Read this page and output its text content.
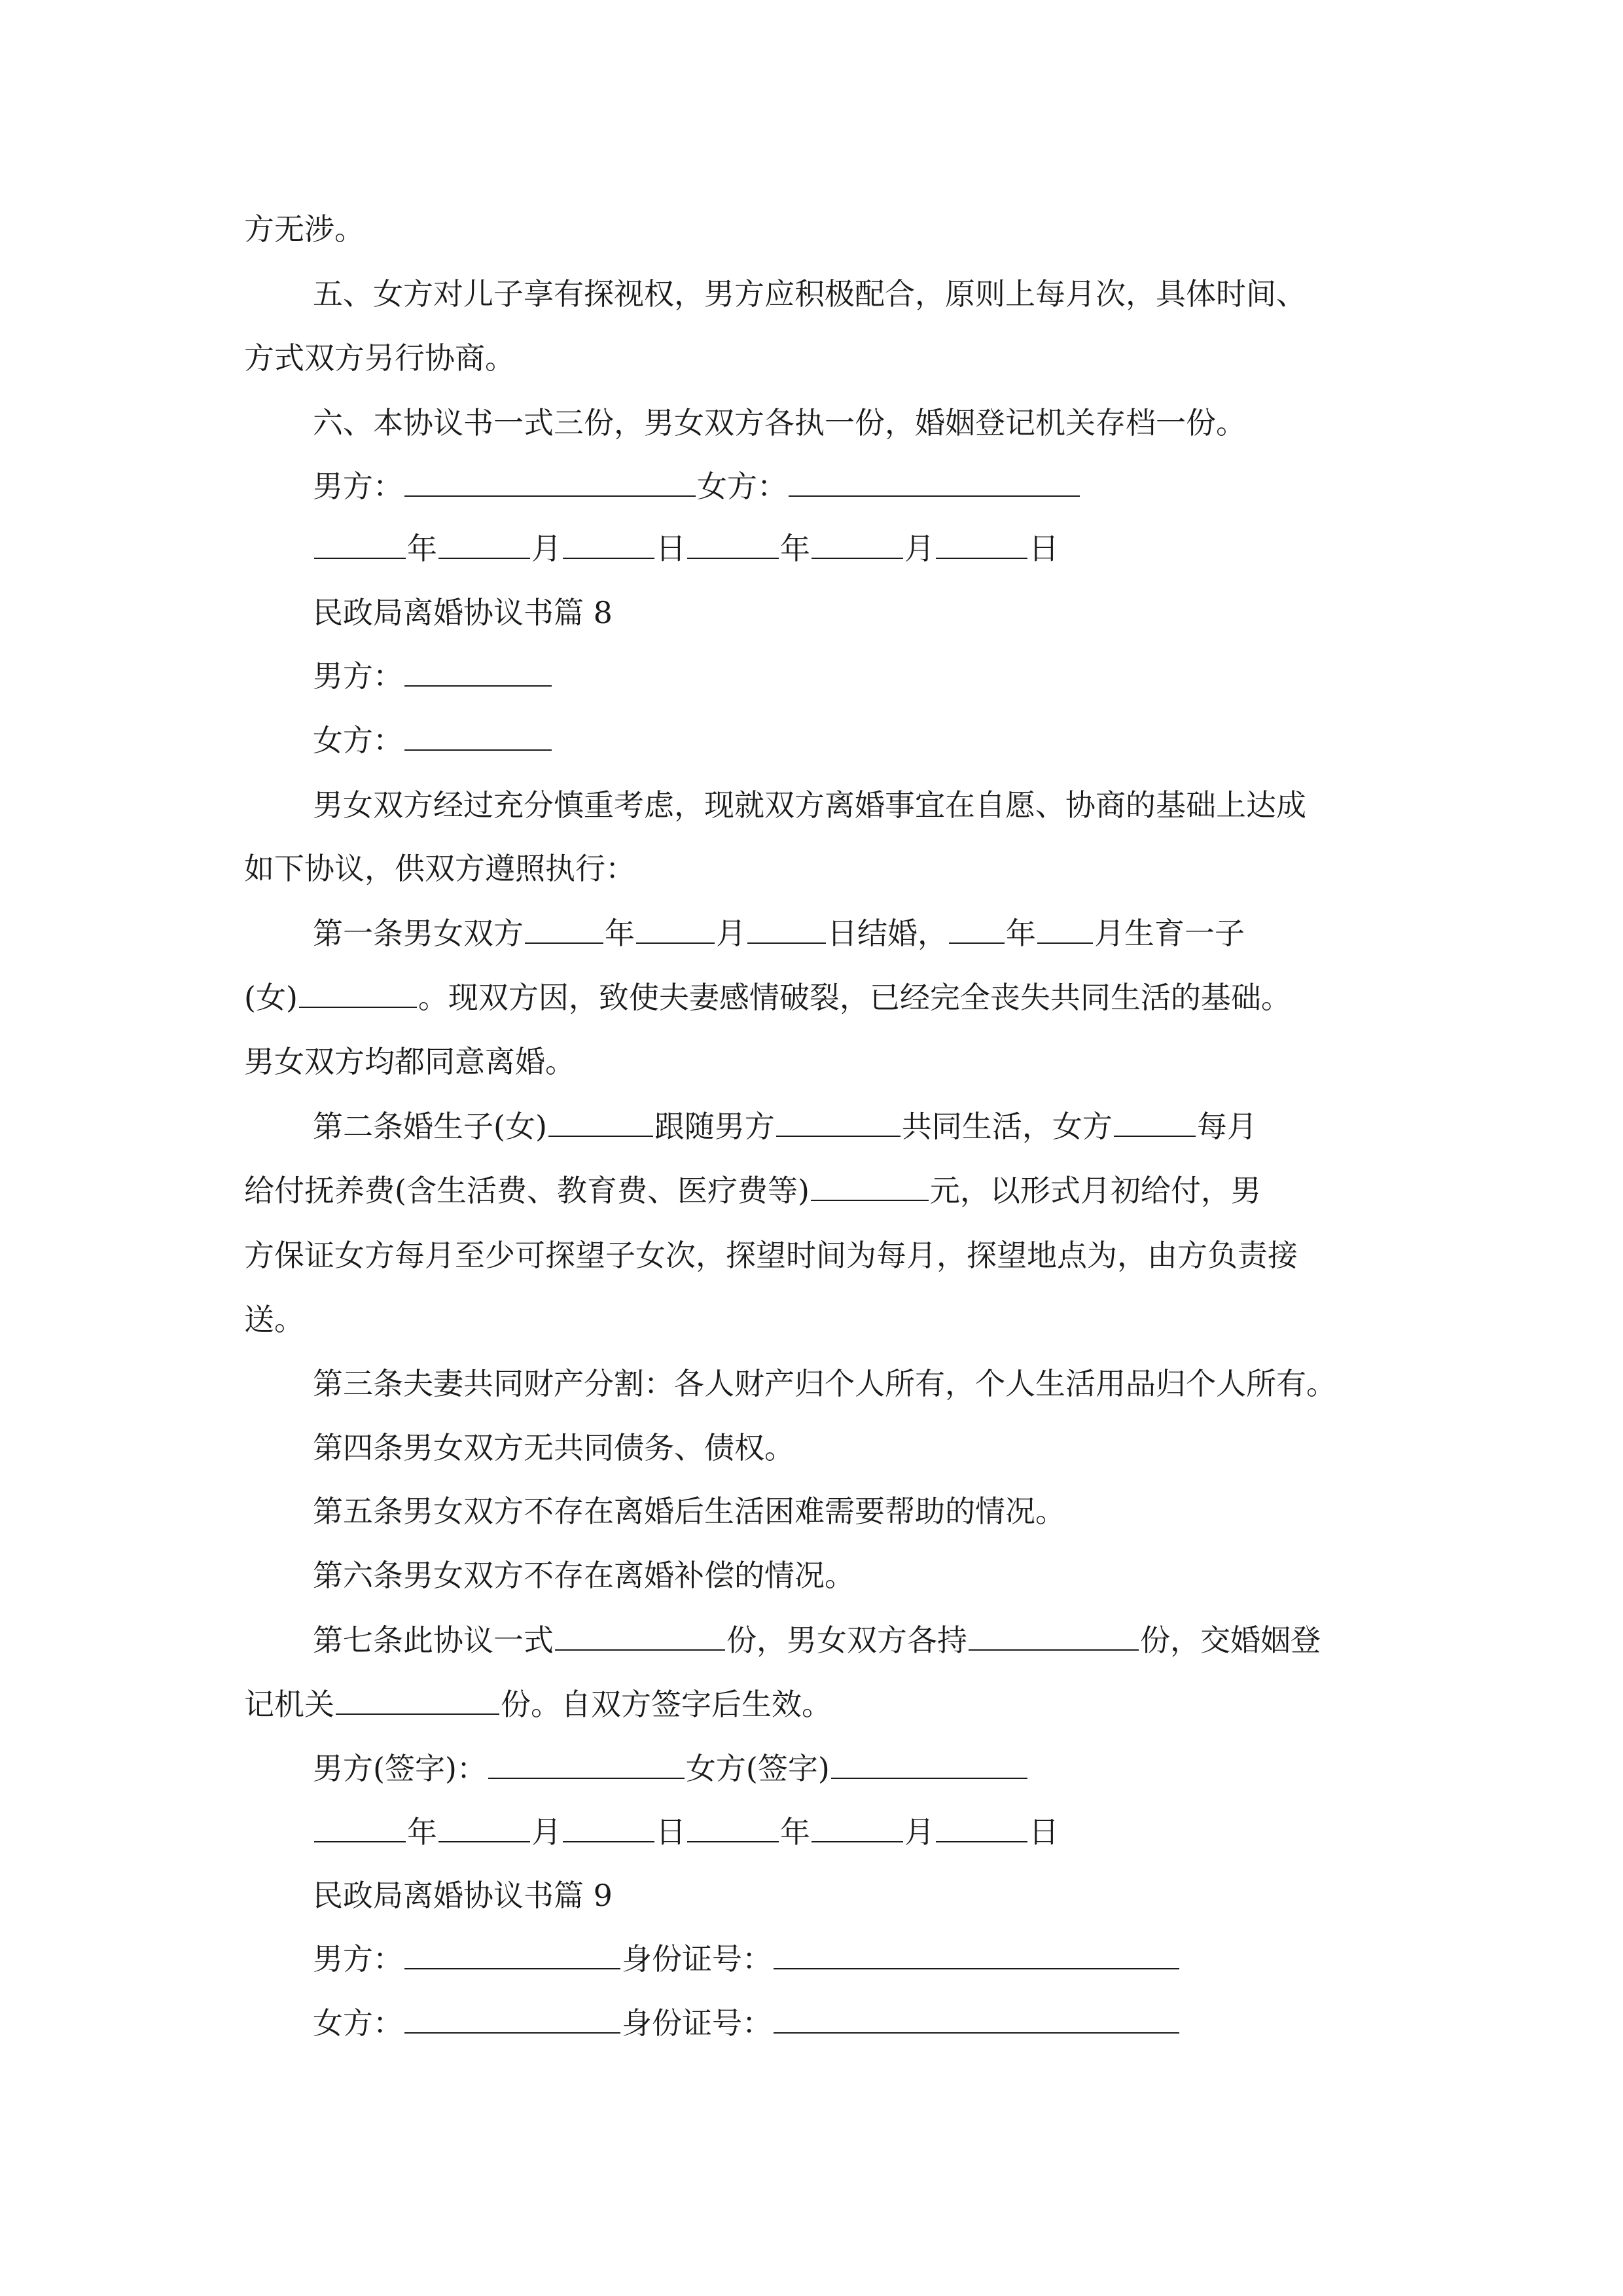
方无涉。
五、女方对儿子享有探视权，男方应积极配合，原则上每月次，具体时间、
方式双方另行协商。
六、本协议书一式三份，男女双方各执一份，婚姻登记机关存档一份。
男方：	女方：
年	月	日	年	月	日
民政局离婚协议书篇 8
男方：
女方：
男女双方经过充分慎重考虑，现就双方离婚事宜在自愿、协商的基础上达成
如下协议，供双方遵照执行：
第一条男女双方	年	月	日结婚， 年 月生育一子
(女)	。现双方因，致使夫妻感情破裂，已经完全丧失共同生活的基础。
男女双方均都同意离婚。
第二条婚生子(女)	跟随男方	共同生活，女方	每月
给付抚养费(含生活费、教育费、医疗费等)	元，以形式月初给付，男
方保证女方每月至少可探望子女次，探望时间为每月，探望地点为，由方负责接
送。
第三条夫妻共同财产分割：各人财产归个人所有，个人生活用品归个人所有。
第四条男女双方无共同债务、债权。
第五条男女双方不存在离婚后生活困难需要帮助的情况。
第六条男女双方不存在离婚补偿的情况。
第七条此协议一式	份，男女双方各持	份，交婚姻登
记机关	份。自双方签字后生效。
男方(签字)：	女方(签字)
年	月	日	年	月	日
民政局离婚协议书篇 9
男方：	身份证号：
女方：	身份证号：
